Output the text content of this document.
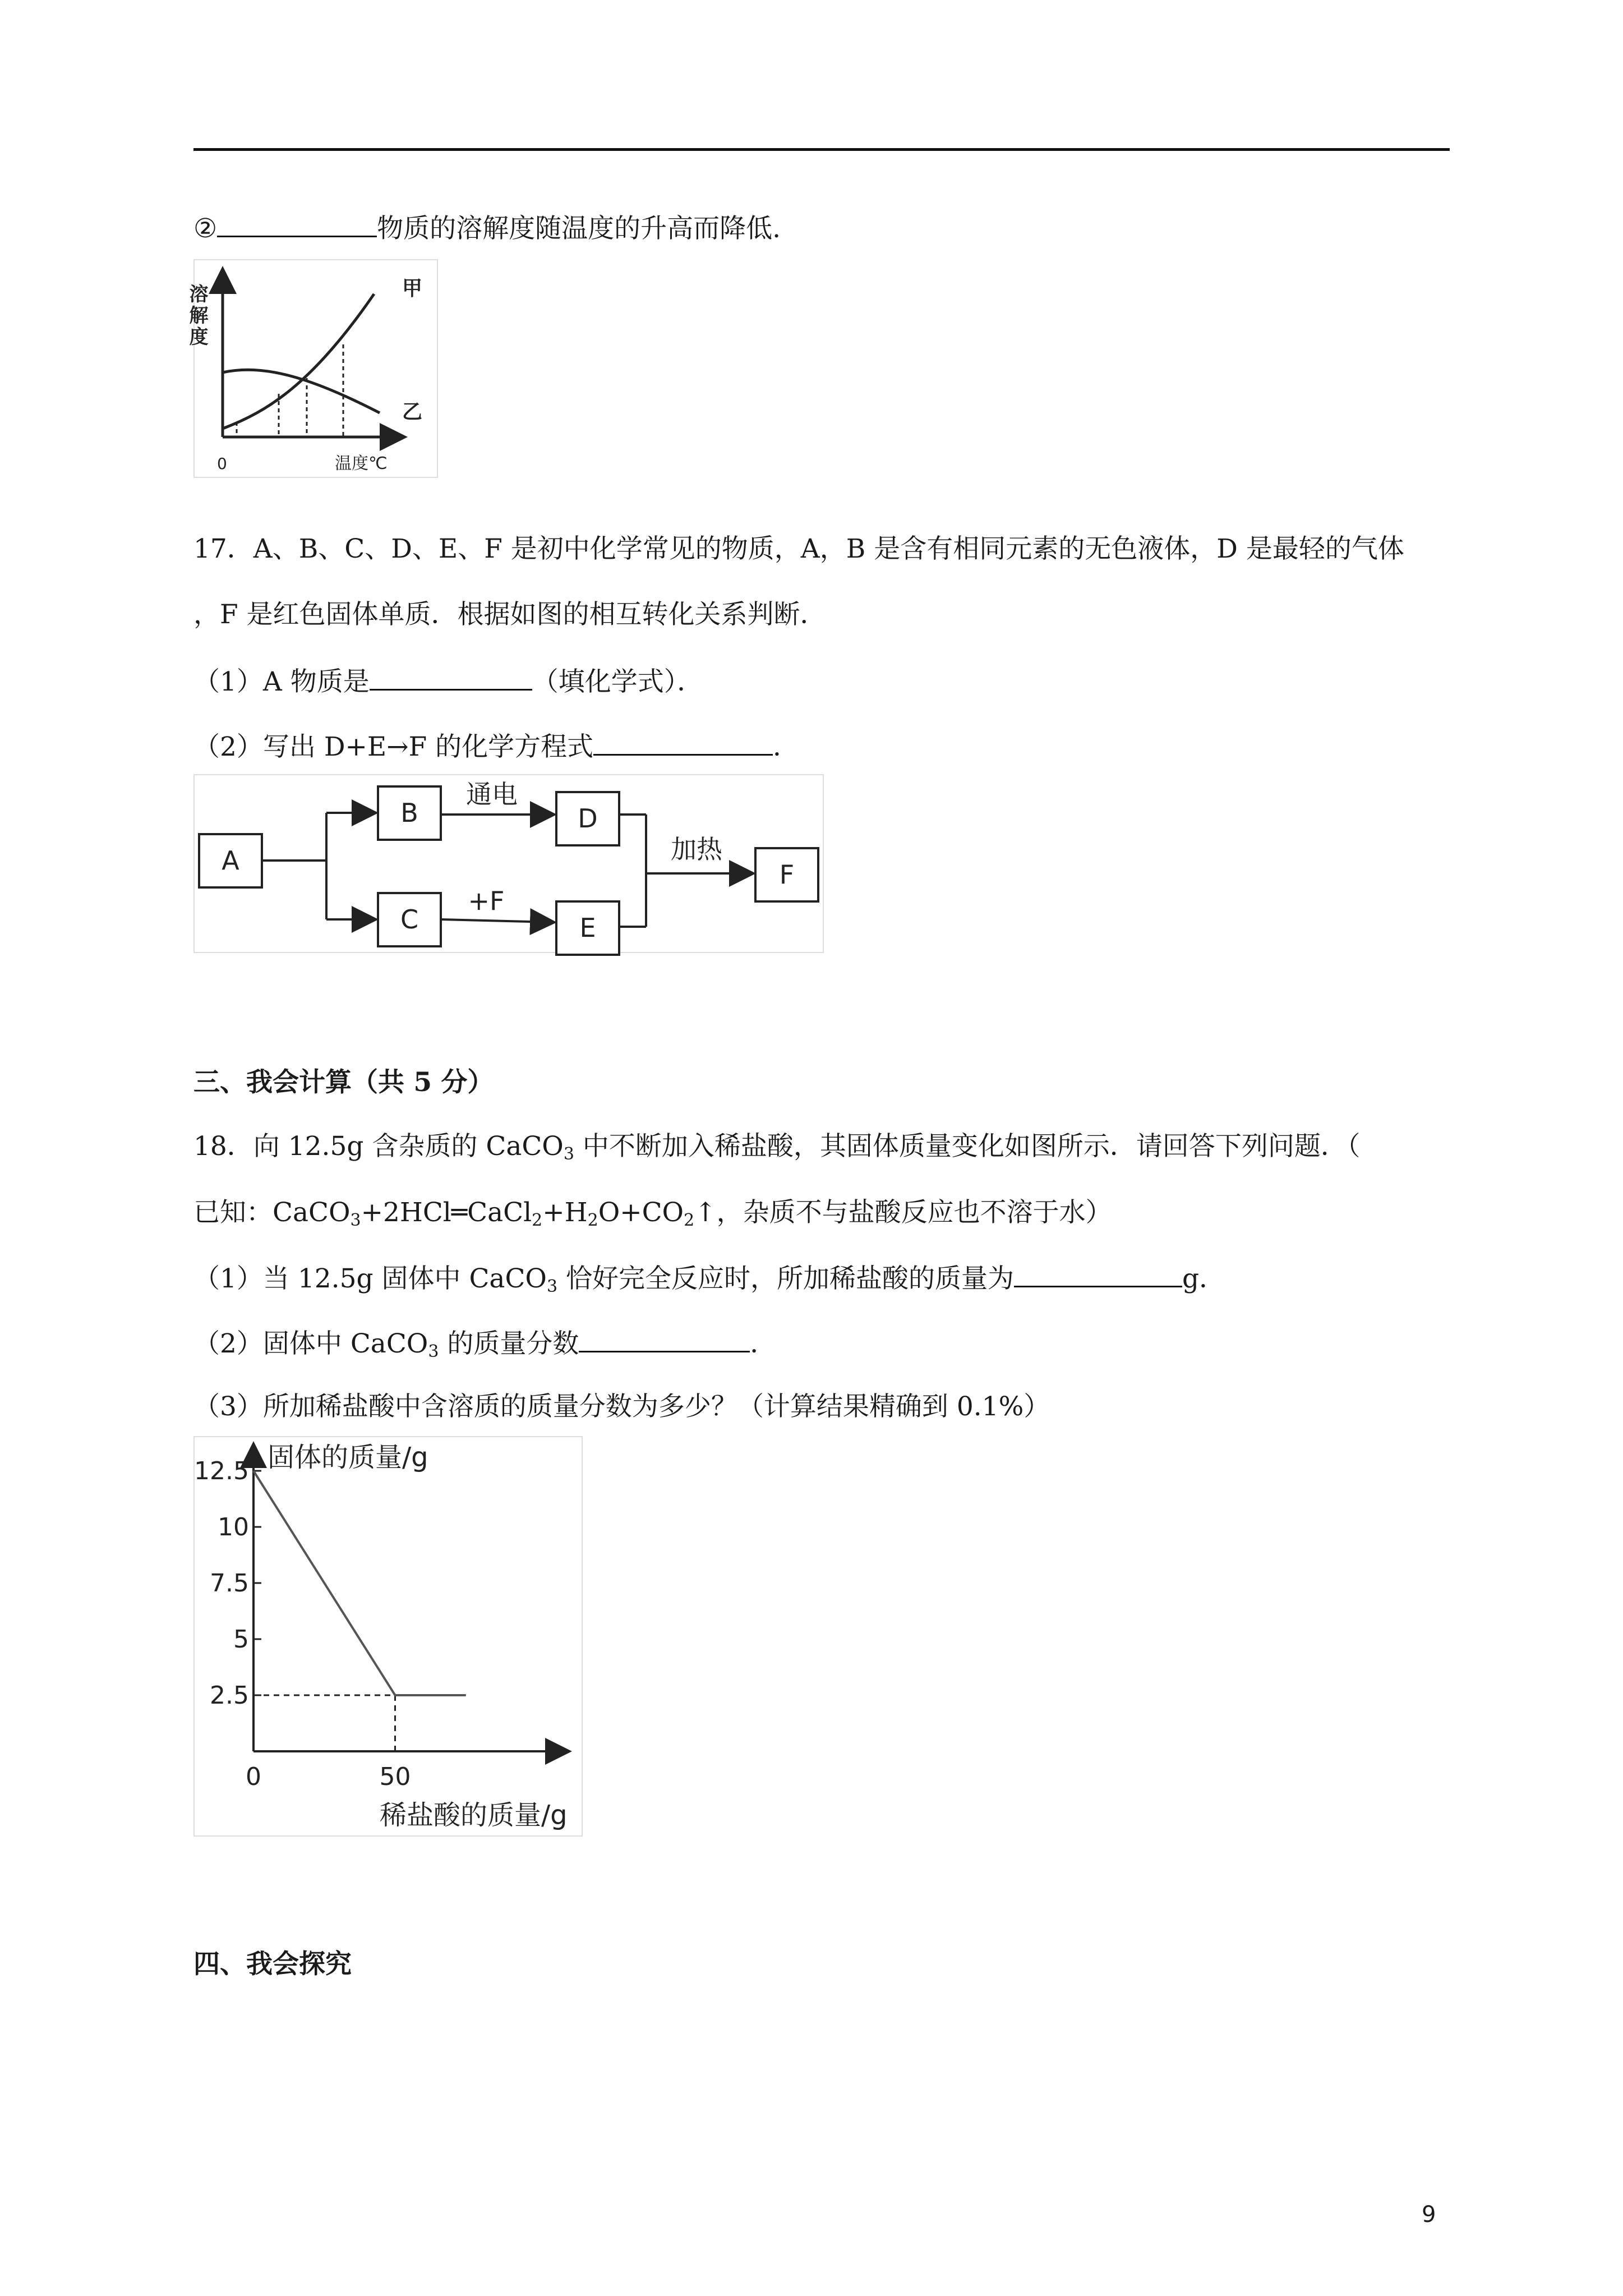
②	物质的溶解度随温度的升高而降低.
溶解度	甲
乙
0	温度℃
17．A、B、C、D、E、F 是初中化学常见的物质，A，B 是含有相同元素的无色液体，D 是最轻的气体
，F 是红色固体单质．根据如图的相互转化关系判断．
（1）A 物质是	（填化学式）．
（2）写出 D+E→F 的化学方程式	．
A
B
C
D
E
F
通电
+F
加热
三、我会计算（共 5 分）
18．向 12.5g 含杂质的 CaCO$_3$ 中不断加入稀盐酸，其固体质量变化如图所示．请回答下列问题．（
已知：$CaCO_3+2HCl═CaCl_2+H_2O+CO_2↑$，杂质不与盐酸反应也不溶于水）
（1）当 12.5g 固体中 CaCO$_3$ 恰好完全反应时，所加稀盐酸的质量为	g．
（2）固体中 CaCO$_3$ 的质量分数	．
（3）所加稀盐酸中含溶质的质量分数为多少？（计算结果精确到 0.1%）
固体的质量/g
稀盐酸的质量/g
12.5
10
7.5
5
2.5
0	50
四、我会探究
9
